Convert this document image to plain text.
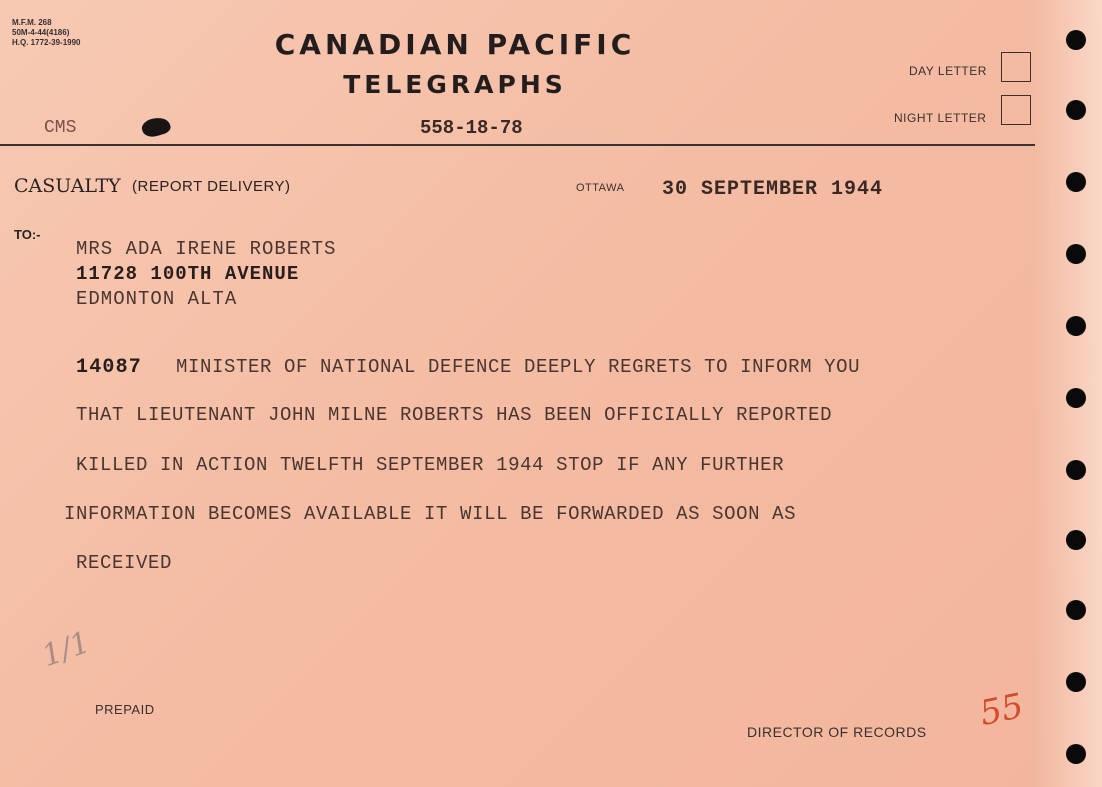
M.F.M. 268
50M-4-44(4186)
H.Q. 1772-39-1990	CANADIAN PACIFIC
TELEGRAPHS	DAY LETTER
NIGHT LETTER
CMS	558-18-78
CASUALTY (REPORT DELIVERY)	OTTAWA 30 SEPTEMBER 1944
TO:-
MRS ADA IRENE ROBERTS
11728 100TH AVENUE
EDMONTON ALTA
14087 MINISTER OF NATIONAL DEFENCE DEEPLY REGRETS TO INFORM YOU
THAT LIEUTENANT JOHN MILNE ROBERTS HAS BEEN OFFICIALLY REPORTED
KILLED IN ACTION TWELFTH SEPTEMBER 1944 STOP IF ANY FURTHER
INFORMATION BECOMES AVAILABLE IT WILL BE FORWARDED AS SOON AS
RECEIVED
1/1
PREPAID
DIRECTOR OF RECORDS 55
